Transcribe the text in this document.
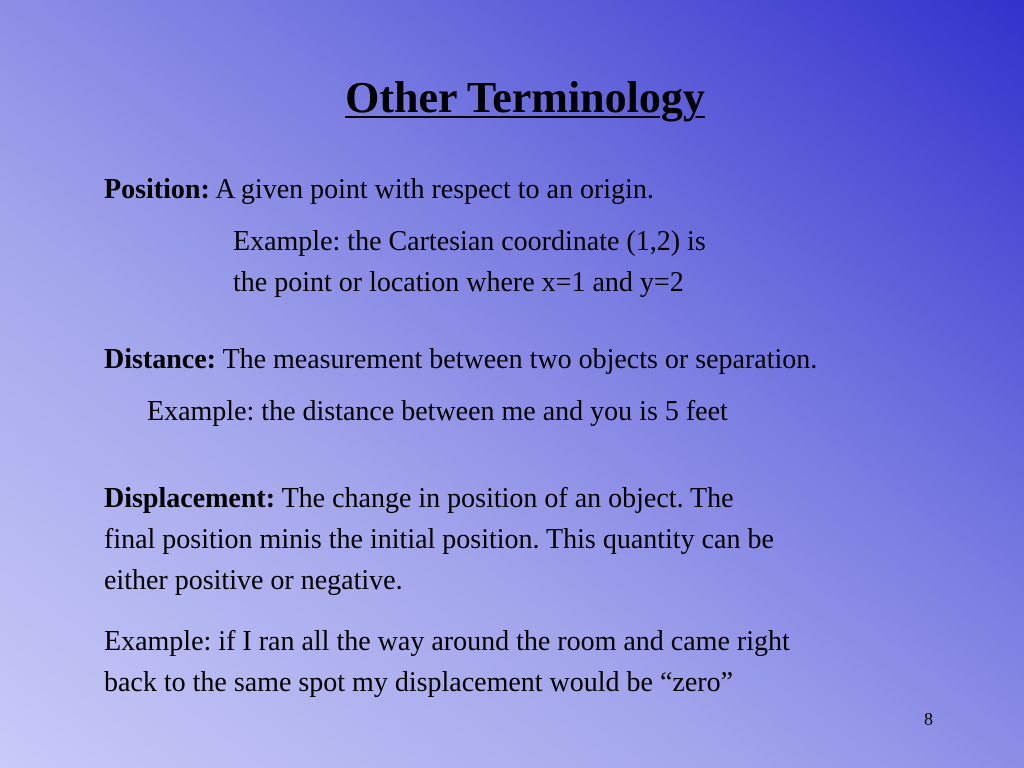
Other Terminology
Position: A given point with respect to an origin.
Example: the Cartesian coordinate (1,2) is
the point or location where x=1 and y=2
Distance: The measurement between two objects or separation.
Example: the distance between me and you is 5 feet
Displacement: The change in position of an object. The
final position minis the initial position. This quantity can be
either positive or negative.
Example: if I ran all the way around the room and came right
back to the same spot my displacement would be “zero”
8
